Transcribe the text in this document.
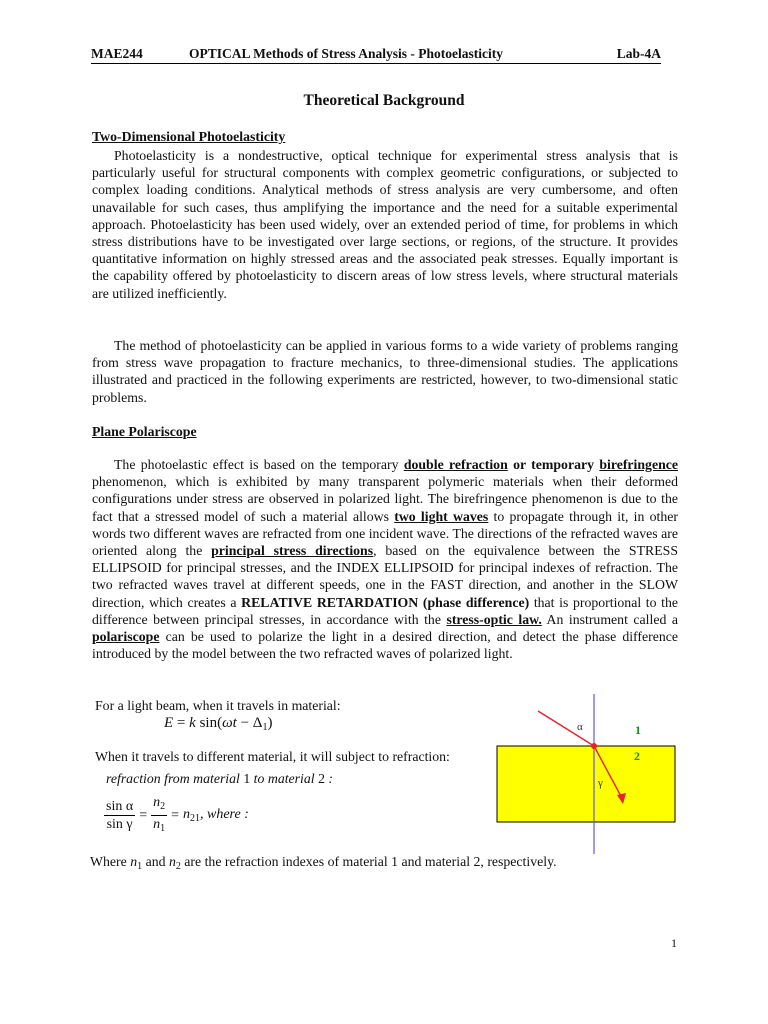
MAE244	OPTICAL Methods of Stress Analysis - Photoelasticity	Lab-4A
Theoretical Background
Two-Dimensional Photoelasticity

Photoelasticity is a nondestructive, optical technique for experimental stress analysis that is particularly useful for structural components with complex geometric configurations, or subjected to complex loading conditions. Analytical methods of stress analysis are very cumbersome, and often unavailable for such cases, thus amplifying the importance and the need for a suitable experimental approach. Photoelasticity has been used widely, over an extended period of time, for problems in which stress distributions have to be investigated over large sections, or regions, of the structure. It provides quantitative information on highly stressed areas and the associated peak stresses. Equally important is the capability offered by photoelasticity to discern areas of low stress levels, where structural materials are utilized inefficiently.

The method of photoelasticity can be applied in various forms to a wide variety of problems ranging from stress wave propagation to fracture mechanics, to three-dimensional studies. The applications illustrated and practiced in the following experiments are restricted, however, to two-dimensional static problems.

Plane Polariscope

The photoelastic effect is based on the temporary double refraction or temporary birefringence phenomenon, which is exhibited by many transparent polymeric materials when their deformed configurations under stress are observed in polarized light. The birefringence phenomenon is due to the fact that a stressed model of such a material allows two light waves to propagate through it, in other words two different waves are refracted from one incident wave. The directions of the refracted waves are oriented along the principal stress directions, based on the equivalence between the STRESS ELLIPSOID for principal stresses, and the INDEX ELLIPSOID for principal indexes of refraction. The two refracted waves travel at different speeds, one in the FAST direction, and another in the SLOW direction, which creates a RELATIVE RETARDATION (phase difference) that is proportional to the difference between principal stresses, in accordance with the stress-optic law. An instrument called a polariscope can be used to polarize the light in a desired direction, and detect the phase difference introduced by the model between the two refracted waves of polarized light.

For a light beam, when it travels in material:
E = k $\sin(\omega t - \Delta_1)$
When it travels to different material, it will subject to refraction:
refraction from material 1 to material 2 :
$\frac{\text{sin α}}{\text{sin γ}} = \frac{n_2}{n_1} = n_{21}$, where :
α
γ
1
2
Where $n_1$ and $n_2$ are the refraction indexes of material 1 and material 2, respectively.
1
